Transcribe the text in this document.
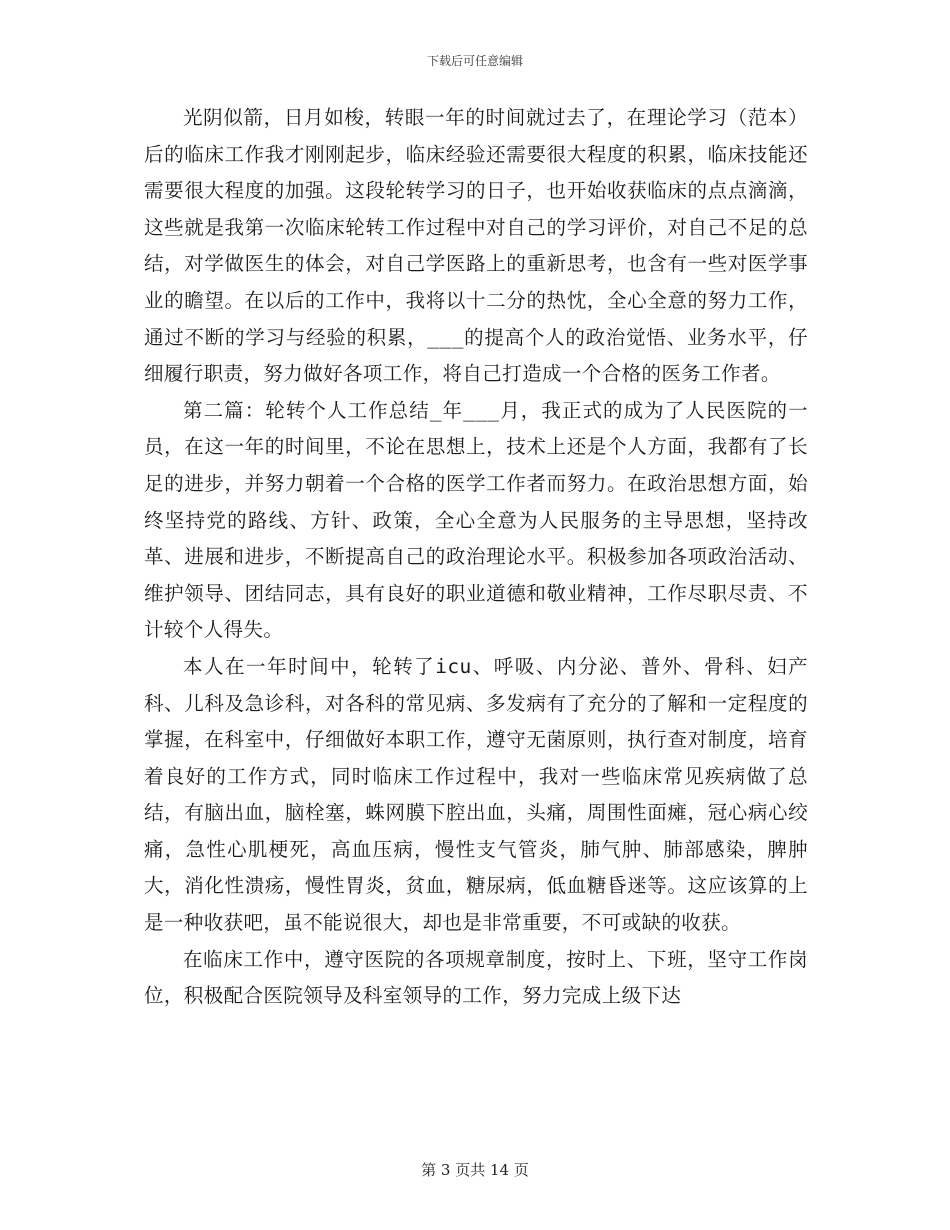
下载后可任意编辑

光阴似箭，日月如梭，转眼一年的时间就过去了，在理论学习（范本）后的临床工作我才刚刚起步，临床经验还需要很大程度的积累，临床技能还需要很大程度的加强。这段轮转学习的日子，也开始收获临床的点点滴滴，这些就是我第一次临床轮转工作过程中对自己的学习评价，对自己不足的总结，对学做医生的体会，对自己学医路上的重新思考，也含有一些对医学事业的瞻望。在以后的工作中，我将以十二分的热忱，全心全意的努力工作，通过不断的学习与经验的积累，___的提高个人的政治觉悟、业务水平，仔细履行职责，努力做好各项工作，将自己打造成一个合格的医务工作者。

第二篇：轮转个人工作总结_年___月，我正式的成为了人民医院的一员，在这一年的时间里，不论在思想上，技术上还是个人方面，我都有了长足的进步，并努力朝着一个合格的医学工作者而努力。在政治思想方面，始终坚持党的路线、方针、政策，全心全意为人民服务的主导思想，坚持改革、进展和进步，不断提高自己的政治理论水平。积极参加各项政治活动、维护领导、团结同志，具有良好的职业道德和敬业精神，工作尽职尽责、不计较个人得失。

本人在一年时间中，轮转了icu、呼吸、内分泌、普外、骨科、妇产科、儿科及急诊科，对各科的常见病、多发病有了充分的了解和一定程度的掌握，在科室中，仔细做好本职工作，遵守无菌原则，执行查对制度，培育着良好的工作方式，同时临床工作过程中，我对一些临床常见疾病做了总结，有脑出血，脑栓塞，蛛网膜下腔出血，头痛，周围性面瘫，冠心病心绞痛，急性心肌梗死，高血压病，慢性支气管炎，肺气肿、肺部感染，脾肿大，消化性溃疡，慢性胃炎，贫血，糖尿病，低血糖昏迷等。这应该算的上是一种收获吧，虽不能说很大，却也是非常重要，不可或缺的收获。

在临床工作中，遵守医院的各项规章制度，按时上、下班，坚守工作岗位，积极配合医院领导及科室领导的工作，努力完成上级下达

第 3 页共 14 页
